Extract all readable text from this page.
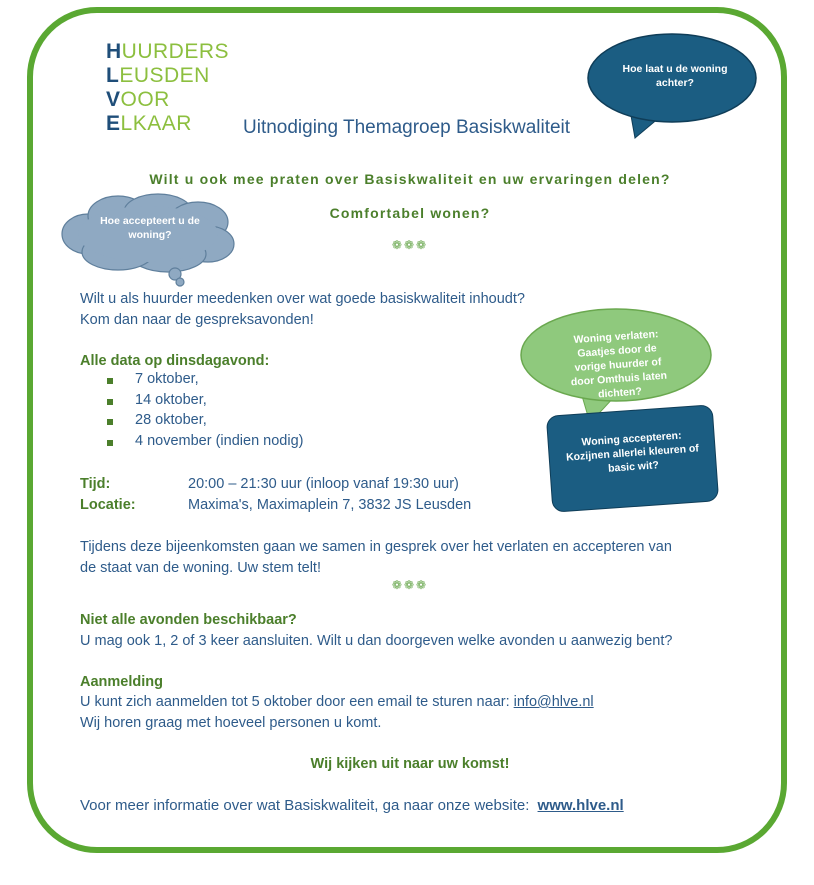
HUURDERS
LEUSDEN
VOOR
ELKAAR	Uitnodiging Themagroep Basiskwaliteit
Hoe laat u de woning achter?
Wilt u ook mee praten over Basiskwaliteit en uw ervaringen delen?
Comfortabel wonen?
❁❁❁
Hoe accepteert u de woning?
Wilt u als huurder meedenken over wat goede basiskwaliteit inhoudt?
Kom dan naar de gespreksavonden!
Woning verlaten: Gaatjes door de vorige huurder of door Omthuis laten dichten?
Woning accepteren: Kozijnen allerlei kleuren of basic wit?
Alle data op dinsdagavond:
7 oktober,
14 oktober,
28 oktober,
4 november (indien nodig)
Tijd:	20:00 – 21:30 uur (inloop vanaf 19:30 uur)
Locatie:	Maxima's, Maximaplein 7, 3832 JS Leusden
Tijdens deze bijeenkomsten gaan we samen in gesprek over het verlaten en accepteren van
de staat van de woning. Uw stem telt!
❁❁❁
Niet alle avonden beschikbaar?
U mag ook 1, 2 of 3 keer aansluiten. Wilt u dan doorgeven welke avonden u aanwezig bent?
Aanmelding
U kunt zich aanmelden tot 5 oktober door een email te sturen naar: info@hlve.nl
Wij horen graag met hoeveel personen u komt.
Wij kijken uit naar uw komst!
Voor meer informatie over wat Basiskwaliteit, ga naar onze website: www.hlve.nl
